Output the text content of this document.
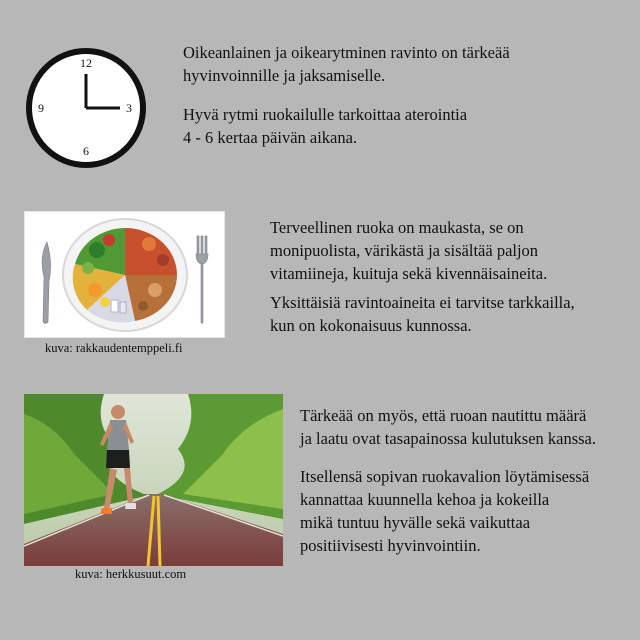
12
3
6
9

Oikeanlainen ja oikearytminen ravinto on tärkeää
hyvinvoinnille ja jaksamiselle.

Hyvä rytmi ruokailulle tarkoittaa aterointia
4 - 6 kertaa päivän aikana.

kuva: rakkaudentemppeli.fi

Terveellinen ruoka on maukasta, se on
monipuolista, värikästä ja sisältää paljon
vitamiineja, kuituja sekä kivennäisaineita.

Yksittäisiä ravintoaineita ei tarvitse tarkkailla,
kun on kokonaisuus kunnossa.

kuva: herkkusuut.com

Tärkeää on myös, että ruoan nautittu määrä
ja laatu ovat tasapainossa kulutuksen kanssa.

Itsellensä sopivan ruokavalion löytämisessä
kannattaa kuunnella kehoa ja kokeilla
mikä tuntuu hyvälle sekä vaikuttaa
positiivisesti hyvinvointiin.
